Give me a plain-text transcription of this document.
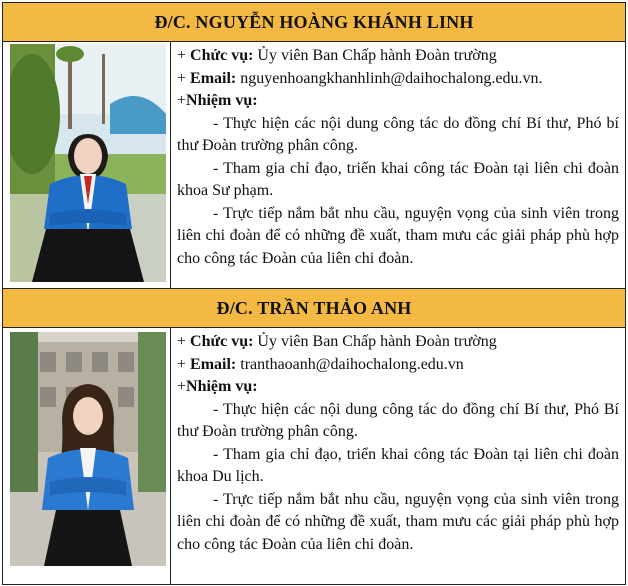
Đ/C. NGUYỄN HOÀNG KHÁNH LINH

+ Chức vụ: Ủy viên Ban Chấp hành Đoàn trường

+ Email: nguyenhoangkhanhlinh@daihochalong.edu.vn.

+Nhiệm vụ:

- Thực hiện các nội dung công tác do đồng chí Bí thư, Phó bí thư Đoàn trường phân công.

- Tham gia chỉ đạo, triển khai công tác Đoàn tại liên chi đoàn khoa Sư phạm.

- Trực tiếp nắm bắt nhu cầu, nguyện vọng của sinh viên trong liên chi đoàn để có những đề xuất, tham mưu các giải pháp phù hợp cho công tác Đoàn của liên chi đoàn.

Đ/C. TRẦN THẢO ANH

+ Chức vụ: Ủy viên Ban Chấp hành Đoàn trường

+ Email: tranthaoanh@daihochalong.edu.vn

+Nhiệm vụ:

- Thực hiện các nội dung công tác do đồng chí Bí thư, Phó Bí thư Đoàn trường phân công.

- Tham gia chỉ đạo, triển khai công tác Đoàn tại liên chi đoàn khoa Du lịch.

- Trực tiếp nắm bắt nhu cầu, nguyện vọng của sinh viên trong liên chi đoàn để có những đề xuất, tham mưu các giải pháp phù hợp cho công tác Đoàn của liên chi đoàn.
